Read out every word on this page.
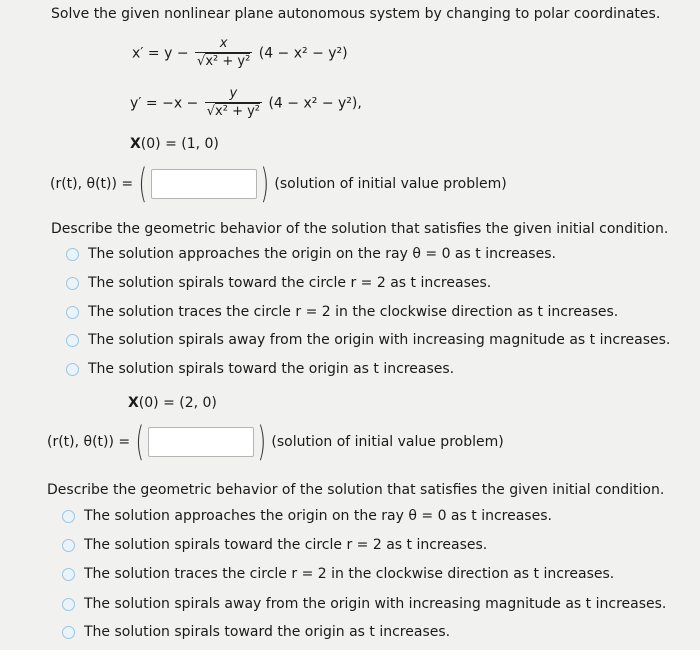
Solve the given nonlinear plane autonomous system by changing to polar coordinates.
$x' = y - \frac{x}{\text{√x² + y²}} (4 - x^2 - y^2)$
$y' = -x - \frac{y}{\text{√x² + y²}} (4 - x^2 - y^2)$,
X(0) = (1, 0)
(r(t), θ(t)) = (	) (solution of initial value problem)
Describe the geometric behavior of the solution that satisfies the given initial condition.
The solution approaches the origin on the ray θ = 0 as t increases.
The solution spirals toward the circle r = 2 as t increases.
The solution traces the circle r = 2 in the clockwise direction as t increases.
The solution spirals away from the origin with increasing magnitude as t increases.
The solution spirals toward the origin as t increases.
X(0) = (2, 0)
(r(t), θ(t)) = (	) (solution of initial value problem)
Describe the geometric behavior of the solution that satisfies the given initial condition.
The solution approaches the origin on the ray θ = 0 as t increases.
The solution spirals toward the circle r = 2 as t increases.
The solution traces the circle r = 2 in the clockwise direction as t increases.
The solution spirals away from the origin with increasing magnitude as t increases.
The solution spirals toward the origin as t increases.
